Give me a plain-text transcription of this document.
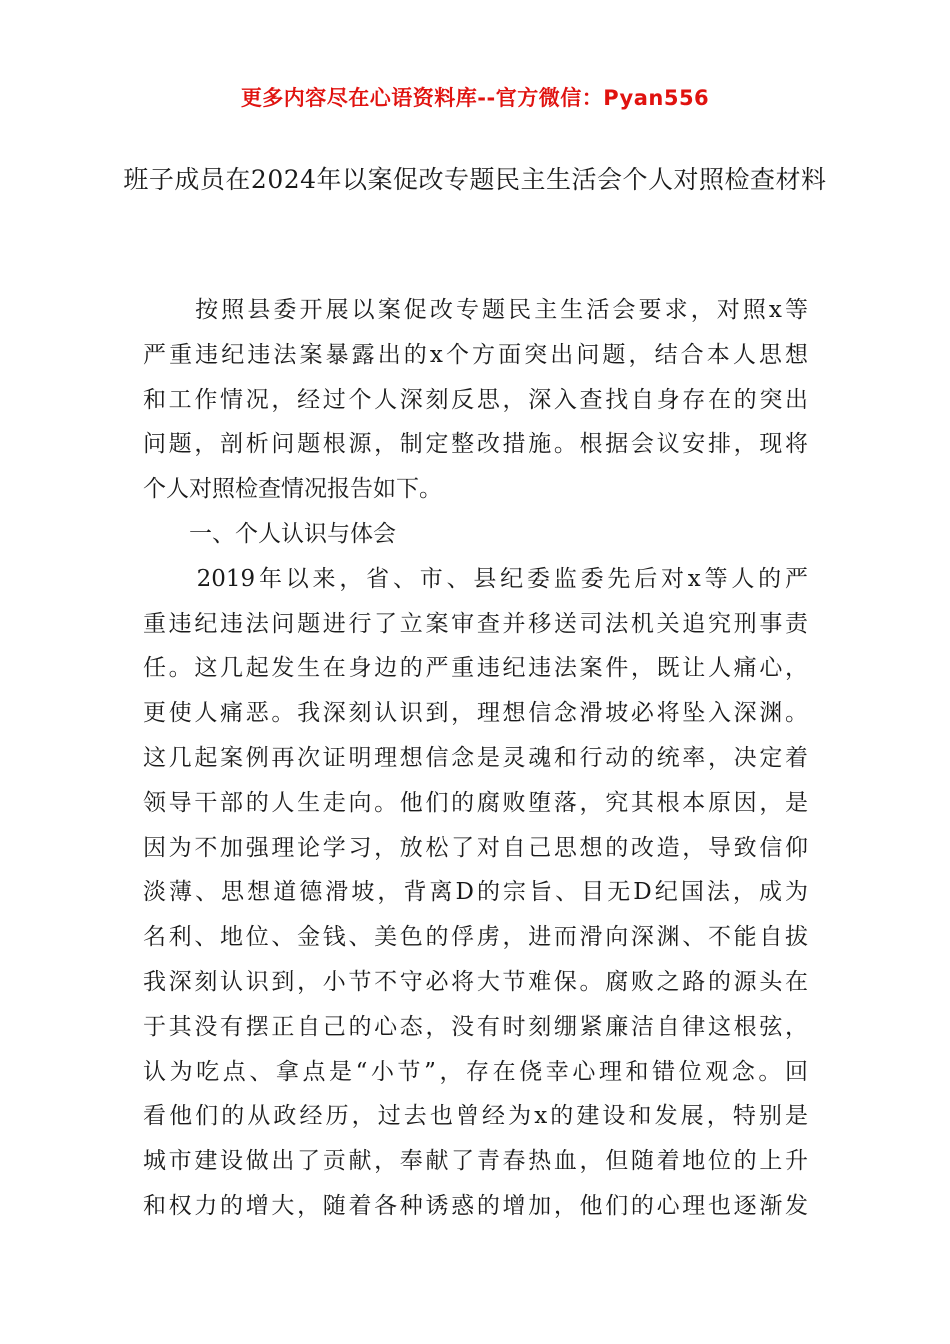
更多内容尽在心语资料库--官方微信：Pyan556
班子成员在2024年以案促改专题民主生活会个人对照检查材料
　　按照县委开展以案促改专题民主生活会要求，对照x等
严重违纪违法案暴露出的x个方面突出问题，结合本人思想
和工作情况，经过个人深刻反思，深入查找自身存在的突出
问题，剖析问题根源，制定整改措施。根据会议安排，现将
个人对照检查情况报告如下。
　　一、个人认识与体会
　　2019年以来，省、市、县纪委监委先后对x等人的严
重违纪违法问题进行了立案审查并移送司法机关追究刑事责
任。这几起发生在身边的严重违纪违法案件，既让人痛心，
更使人痛恶。我深刻认识到，理想信念滑坡必将坠入深渊。
这几起案例再次证明理想信念是灵魂和行动的统率，决定着
领导干部的人生走向。他们的腐败堕落，究其根本原因，是
因为不加强理论学习，放松了对自己思想的改造，导致信仰
淡薄、思想道德滑坡，背离D的宗旨、目无D纪国法，成为
名利、地位、金钱、美色的俘虏，进而滑向深渊、不能自拔
我深刻认识到，小节不守必将大节难保。腐败之路的源头在
于其没有摆正自己的心态，没有时刻绷紧廉洁自律这根弦，
认为吃点、拿点是“小节”，存在侥幸心理和错位观念。回
看他们的从政经历，过去也曾经为x的建设和发展，特别是
城市建设做出了贡献，奉献了青春热血，但随着地位的上升
和权力的增大，随着各种诱惑的增加，他们的心理也逐渐发
